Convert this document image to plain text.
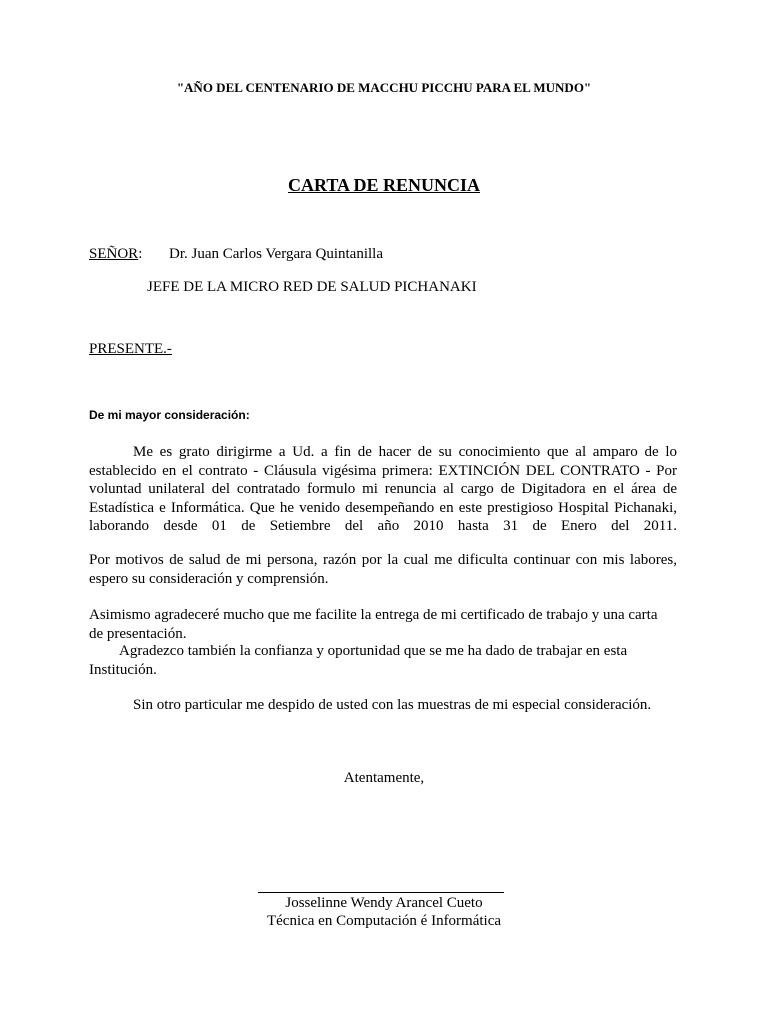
"AÑO DEL CENTENARIO DE MACCHU PICCHU PARA EL MUNDO"

CARTA DE RENUNCIA

SEÑOR: Dr. Juan Carlos Vergara Quintanilla
JEFE DE LA MICRO RED DE SALUD PICHANAKI
PRESENTE.-
De mi mayor consideración:
Me es grato dirigirme a Ud. a fin de hacer de su conocimiento que al amparo de lo
establecido en el contrato - Cláusula vigésima primera: EXTINCIÓN DEL CONTRATO - Por
voluntad unilateral del contratado formulo mi renuncia al cargo de Digitadora en el área de
Estadística e Informática. Que he venido desempeñando en este prestigioso Hospital Pichanaki,
laborando desde 01 de Setiembre del año 2010 hasta 31 de Enero del 2011.
Por motivos de salud de mi persona, razón por la cual me dificulta continuar con mis labores,
espero su consideración y comprensión.
Asimismo agradeceré mucho que me facilite la entrega de mi certificado de trabajo y una carta
de presentación.
Agradezco también la confianza y oportunidad que se me ha dado de trabajar en esta
Institución.
Sin otro particular me despido de usted con las muestras de mi especial consideración.
Atentamente,
Josselinne Wendy Arancel Cueto
Técnica en Computación é Informática
